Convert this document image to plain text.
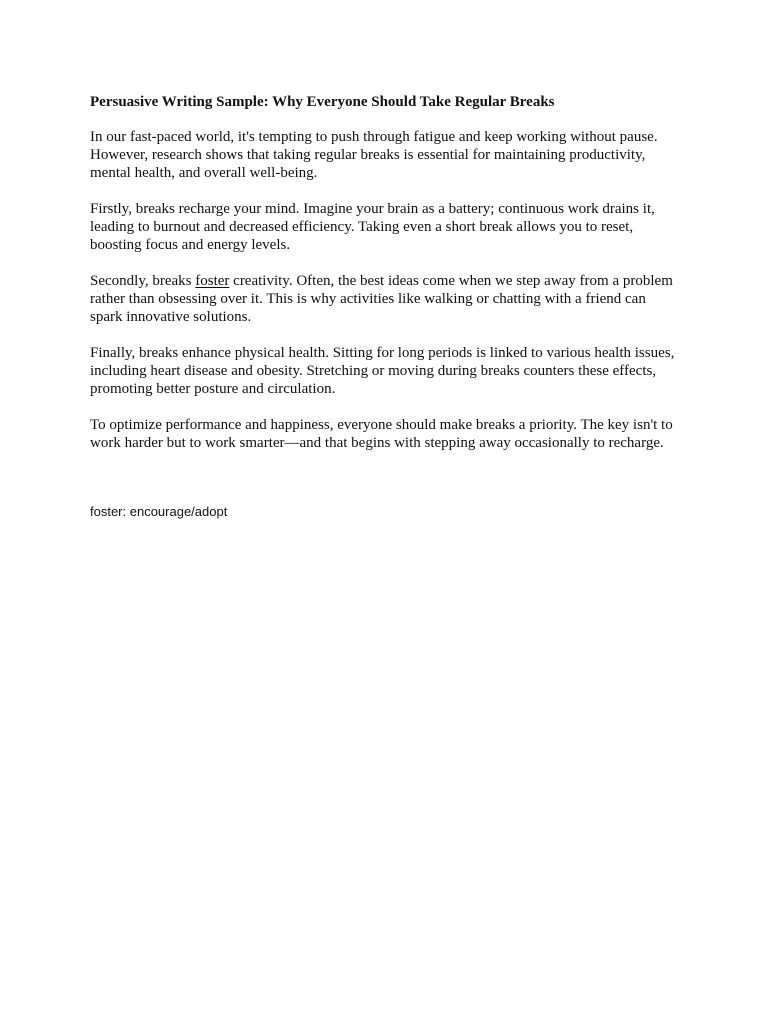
Persuasive Writing Sample: Why Everyone Should Take Regular Breaks

In our fast-paced world, it's tempting to push through fatigue and keep working without pause. However, research shows that taking regular breaks is essential for maintaining productivity, mental health, and overall well-being.

Firstly, breaks recharge your mind. Imagine your brain as a battery; continuous work drains it, leading to burnout and decreased efficiency. Taking even a short break allows you to reset, boosting focus and energy levels.

Secondly, breaks foster creativity. Often, the best ideas come when we step away from a problem rather than obsessing over it. This is why activities like walking or chatting with a friend can spark innovative solutions.

Finally, breaks enhance physical health. Sitting for long periods is linked to various health issues, including heart disease and obesity. Stretching or moving during breaks counters these effects, promoting better posture and circulation.

To optimize performance and happiness, everyone should make breaks a priority. The key isn't to work harder but to work smarter—and that begins with stepping away occasionally to recharge.

foster: encourage/adopt
